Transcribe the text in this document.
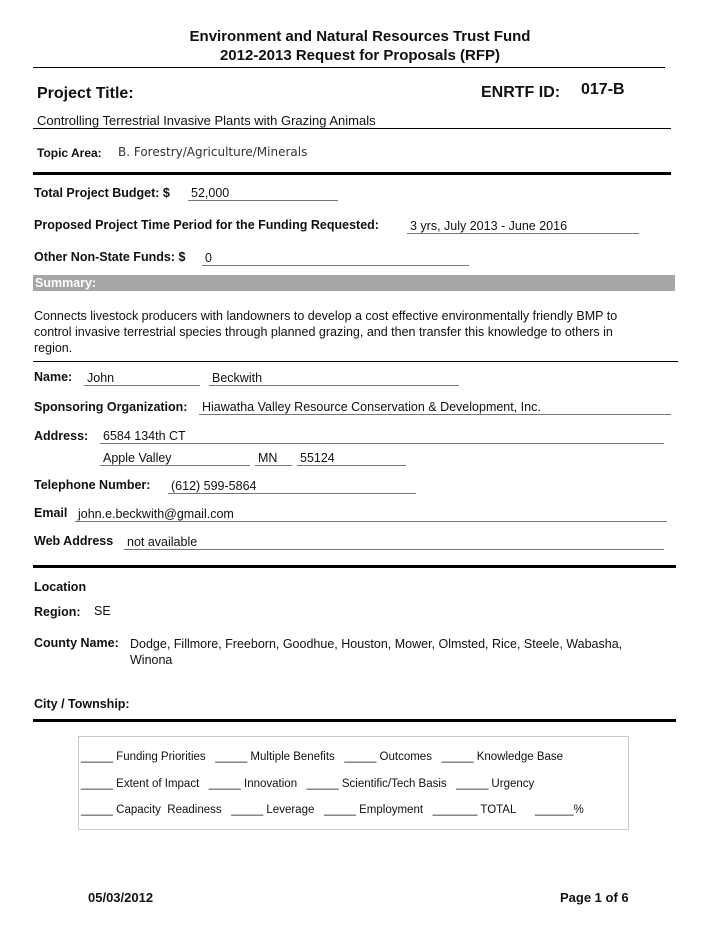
Environment and Natural Resources Trust Fund
2012-2013 Request for Proposals (RFP)
Project Title:	ENRTF ID: 017-B
Controlling Terrestrial Invasive Plants with Grazing Animals
Topic Area: B. Forestry/Agriculture/Minerals
Total Project Budget: $ 52,000
Proposed Project Time Period for the Funding Requested: 3 yrs, July 2013 - June 2016
Other Non-State Funds: $ 0
Summary:
Connects livestock producers with landowners to develop a cost effective environmentally friendly BMP to control invasive terrestrial species through planned grazing, and then transfer this knowledge to others in region.
Name: John	Beckwith
Sponsoring Organization: Hiawatha Valley Resource Conservation & Development, Inc.
Address: 6584 134th CT
Apple Valley	MN	55124
Telephone Number: (612) 599-5864
Email john.e.beckwith@gmail.com
Web Address not available
Location
Region: SE
County Name: Dodge, Fillmore, Freeborn, Goodhue, Houston, Mower, Olmsted, Rice, Steele, Wabasha, Winona
City / Township:
_____ Funding Priorities   _____ Multiple Benefits   _____ Outcomes   _____ Knowledge Base
_____ Extent of Impact   _____ Innovation   _____ Scientific/Tech Basis   _____ Urgency
_____ Capacity  Readiness   _____ Leverage   _____ Employment   _______ TOTAL      ______%
05/03/2012	Page 1 of 6
